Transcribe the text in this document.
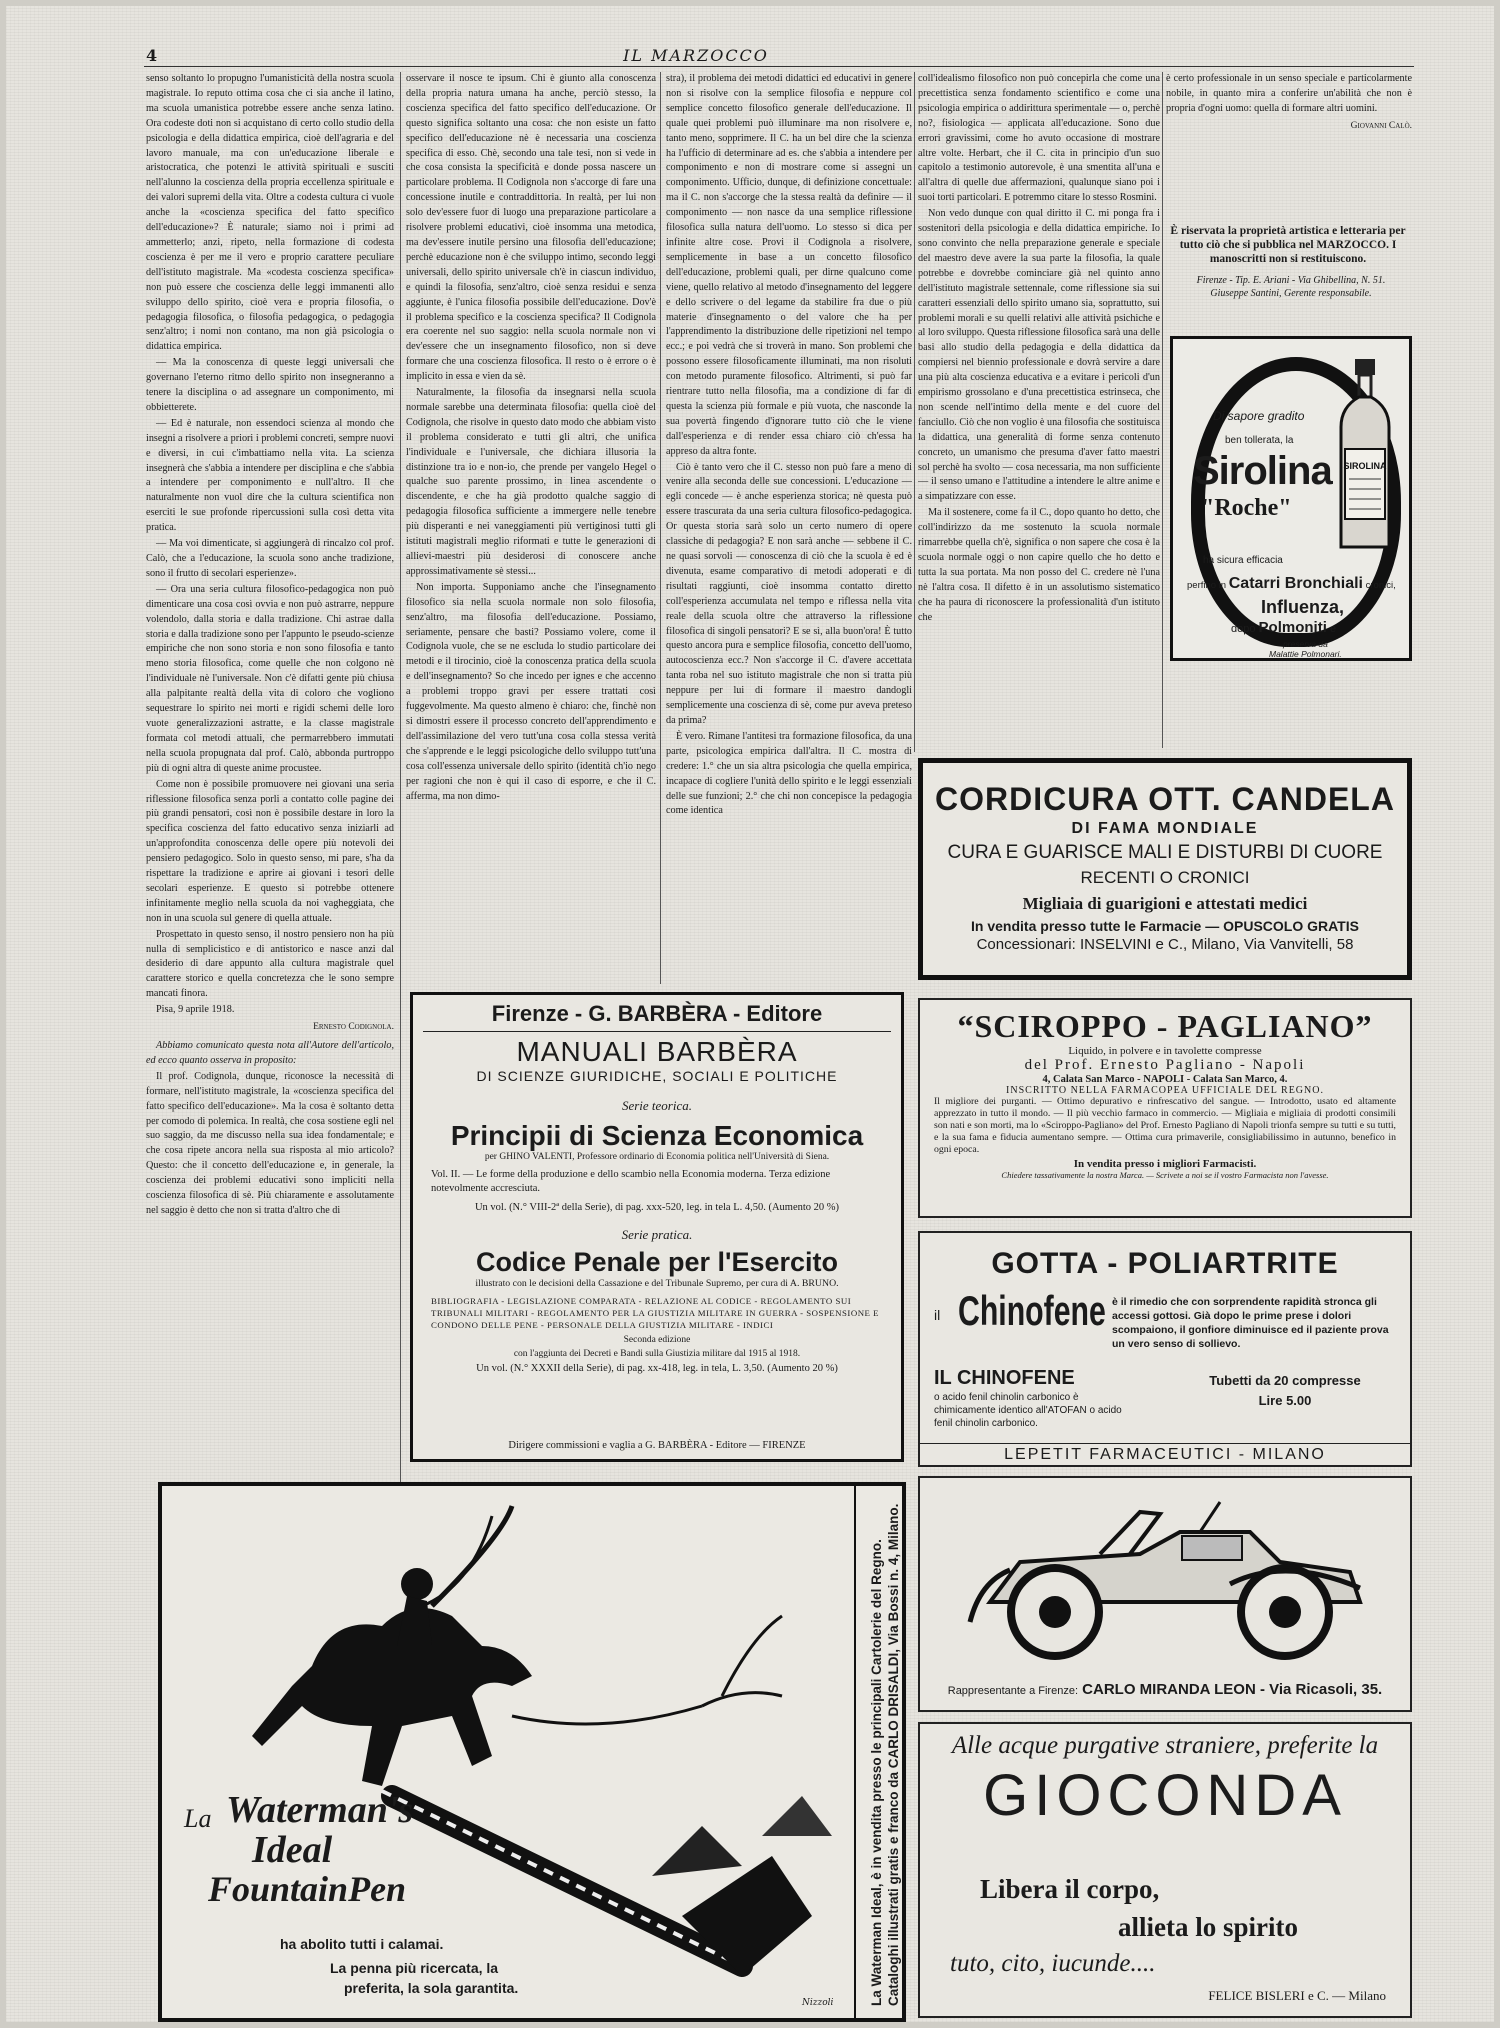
4	IL MARZOCCO

senso soltanto lo propugno l'umanisticità della nostra scuola magistrale. Io reputo ottima cosa che ci sia anche il latino, ma scuola umanistica potrebbe essere anche senza latino. Ora codeste doti non si acquistano di certo collo studio della psicologia e della didattica empirica, cioè dell'agraria e del lavoro manuale, ma con un'educazione liberale e aristocratica, che potenzi le attività spirituali e susciti nell'alunno la coscienza della propria eccellenza spirituale e dei valori supremi della vita. Oltre a codesta cultura ci vuole anche la «coscienza specifica del fatto specifico dell'educazione»? È naturale; siamo noi i primi ad ammetterlo; anzi, ripeto, nella formazione di codesta coscienza è per me il vero e proprio carattere peculiare dell'istituto magistrale. Ma «codesta coscienza specifica» non può essere che coscienza delle leggi immanenti allo sviluppo dello spirito, cioè vera e propria filosofia, o pedagogia filosofica, o filosofia pedagogica, o pedagogia senz'altro; i nomi non contano, ma non già psicologia o didattica empirica.

— Ma la conoscenza di queste leggi universali che governano l'eterno ritmo dello spirito non insegneranno a tenere la disciplina o ad assegnare un componimento, mi obbietterete.

— Ed è naturale, non essendoci scienza al mondo che insegni a risolvere a priori i problemi concreti, sempre nuovi e diversi, in cui c'imbattiamo nella vita. La scienza insegnerà che s'abbia a intendere per disciplina e che s'abbia a intendere per componimento e null'altro. Il che naturalmente non vuol dire che la cultura scientifica non eserciti le sue profonde ripercussioni sulla così detta vita pratica.

— Ma voi dimenticate, si aggiungerà di rincalzo col prof. Calò, che a l'educazione, la scuola sono anche tradizione, sono il frutto di secolari esperienze».

— Ora una seria cultura filosofico-pedagogica non può dimenticare una cosa così ovvia e non può astrarre, neppure volendolo, dalla storia e dalla tradizione. Chi astrae dalla storia e dalla tradizione sono per l'appunto le pseudo-scienze empiriche che non sono storia e non sono filosofia e tanto meno storia filosofica, come quelle che non colgono nè l'individuale nè l'universale. Non c'è difatti gente più chiusa alla palpitante realtà della vita di coloro che vogliono sequestrare lo spirito nei morti e rigidi schemi delle loro vuote generalizzazioni astratte, e la classe magistrale formata col metodi attuali, che permarrebbero immutati nella scuola propugnata dal prof. Calò, abbonda purtroppo più di ogni altra di queste anime procustee.

Come non è possibile promuovere nei giovani una seria riflessione filosofica senza porli a contatto colle pagine dei più grandi pensatori, così non è possibile destare in loro la specifica coscienza del fatto educativo senza iniziarli ad un'approfondita conoscenza delle opere più notevoli dei pensiero pedagogico. Solo in questo senso, mi pare, s'ha da rispettare la tradizione e aprire ai giovani i tesori delle secolari esperienze. E questo si potrebbe ottenere infinitamente meglio nella scuola da noi vagheggiata, che non in una scuola sul genere di quella attuale.

Prospettato in questo senso, il nostro pensiero non ha più nulla di semplicistico e di antistorico e nasce anzi dal desiderio di dare appunto alla cultura magistrale quel carattere storico e quella concretezza che le sono sempre mancati finora.

Pisa, 9 aprile 1918.

Ernesto Codignola.

Abbiamo comunicato questa nota all'Autore dell'articolo, ed ecco quanto osserva in proposito:

Il prof. Codignola, dunque, riconosce la necessità di formare, nell'istituto magistrale, la «coscienza specifica del fatto specifico dell'educazione». Ma la cosa è soltanto detta per comodo di polemica. In realtà, che cosa sostiene egli nel suo saggio, da me discusso nella sua idea fondamentale; e che cosa ripete ancora nella sua risposta al mio articolo? Questo: che il concetto dell'educazione e, in generale, la coscienza dei problemi educativi sono impliciti nella coscienza filosofica di sè. Più chiaramente e assolutamente nel saggio è detto che non si tratta d'altro che di

osservare il nosce te ipsum. Chi è giunto alla conoscenza della propria natura umana ha anche, perciò stesso, la coscienza specifica del fatto specifico dell'educazione. Or questo significa soltanto una cosa: che non esiste un fatto specifico dell'educazione nè è necessaria una coscienza specifica di esso. Chè, secondo una tale tesi, non si vede in che cosa consista la specificità e donde possa nascere un particolare problema. Il Codignola non s'accorge di fare una concessione inutile e contraddittoria. In realtà, per lui non solo dev'essere fuor di luogo una preparazione particolare a risolvere problemi educativi, cioè insomma una metodica, ma dev'essere inutile persino una filosofia dell'educazione; perchè educazione non è che sviluppo intimo, secondo leggi universali, dello spirito universale ch'è in ciascun individuo, e quindi la filosofia, senz'altro, cioè senza residui e senza aggiunte, è l'unica filosofia possibile dell'educazione. Dov'è il problema specifico e la coscienza specifica? Il Codignola era coerente nel suo saggio: nella scuola normale non vi dev'essere che un insegnamento filosofico, non si deve formare che una coscienza filosofica. Il resto o è errore o è implicito in essa e vien da sè.

Naturalmente, la filosofia da insegnarsi nella scuola normale sarebbe una determinata filosofia: quella cioè del Codignola, che risolve in questo dato modo che abbiam visto il problema considerato e tutti gli altri, che unifica l'individuale e l'universale, che dichiara illusoria la distinzione tra io e non-io, che prende per vangelo Hegel o qualche suo parente prossimo, in linea ascendente o discendente, e che ha già prodotto qualche saggio di pedagogia filosofica sufficiente a immergere nelle tenebre più disperanti e nei vaneggiamenti più vertiginosi tutti gli istituti magistrali meglio riformati e tutte le generazioni di allievi-maestri più desiderosi di conoscere anche approssimativamente sè stessi...

Non importa. Supponiamo anche che l'insegnamento filosofico sia nella scuola normale non solo filosofia, senz'altro, ma filosofia dell'educazione. Possiamo, seriamente, pensare che basti? Possiamo volere, come il Codignola vuole, che se ne escluda lo studio particolare dei metodi e il tirocinio, cioè la conoscenza pratica della scuola e dell'insegnamento? So che incedo per ignes e che accenno a problemi troppo gravi per essere trattati così fuggevolmente. Ma questo almeno è chiaro: che, finchè non si dimostri essere il processo concreto dell'apprendimento e dell'assimilazione del vero tutt'una cosa colla stessa verità che s'apprende e le leggi psicologiche dello sviluppo tutt'una cosa coll'essenza universale dello spirito (identità ch'io nego per ragioni che non è qui il caso di esporre, e che il C. afferma, ma non dimo-

stra), il problema dei metodi didattici ed educativi in genere non si risolve con la semplice filosofia e neppure col semplice concetto filosofico generale dell'educazione. Il quale quei problemi può illuminare ma non risolvere e, tanto meno, sopprimere. Il C. ha un bel dire che la scienza ha l'ufficio di determinare ad es. che s'abbia a intendere per componimento e non di mostrare come si assegni un componimento. Ufficio, dunque, di definizione concettuale: ma il C. non s'accorge che la stessa realtà da definire — il componimento — non nasce da una semplice riflessione filosofica sulla natura dell'uomo. Lo stesso si dica per infinite altre cose. Provi il Codignola a risolvere, semplicemente in base a un concetto filosofico dell'educazione, problemi quali, per dirne qualcuno come viene, quello relativo al metodo d'insegnamento del leggere e dello scrivere o del legame da stabilire fra due o più materie d'insegnamento o del valore che ha per l'apprendimento la distribuzione delle ripetizioni nel tempo ecc.; e poi vedrà che si troverà in mano. Son problemi che possono essere filosoficamente illuminati, ma non risoluti con metodo puramente filosofico. Altrimenti, si può far rientrare tutto nella filosofia, ma a condizione di far di questa la scienza più formale e più vuota, che nasconde la sua povertà fingendo d'ignorare tutto ciò che le viene dall'esperienza e di render essa chiaro ciò ch'essa ha appreso da altra fonte.

Ciò è tanto vero che il C. stesso non può fare a meno di venire alla seconda delle sue concessioni. L'educazione — egli concede — è anche esperienza storica; nè questa può essere trascurata da una seria cultura filosofico-pedagogica. Or questa storia sarà solo un certo numero di opere classiche di pedagogia? E non sarà anche — sebbene il C. ne quasi sorvoli — conoscenza di ciò che la scuola è ed è divenuta, esame comparativo di metodi adoperati e di risultati raggiunti, cioè insomma contatto diretto coll'esperienza accumulata nel tempo e riflessa nella vita reale della scuola oltre che attraverso la riflessione filosofica di singoli pensatori? E se sì, alla buon'ora! È tutto questo ancora pura e semplice filosofia, concetto dell'uomo, autocoscienza ecc.? Non s'accorge il C. d'avere accettata tanta roba nel suo istituto magistrale che non si tratta più neppure per lui di formare il maestro dandogli semplicemente una coscienza di sè, come pur aveva preteso da prima?

È vero. Rimane l'antitesi tra formazione filosofica, da una parte, psicologica empirica dall'altra. Il C. mostra di credere: 1.° che un sia altra psicologia che quella empirica, incapace di cogliere l'unità dello spirito e le leggi essenziali delle sue funzioni; 2.° che chi non concepisce la pedagogia come identica

coll'idealismo filosofico non può concepirla che come una precettistica senza fondamento scientifico e come una psicologia empirica o addirittura sperimentale — o, perchè no?, fisiologica — applicata all'educazione. Sono due errori gravissimi, come ho avuto occasione di mostrare altre volte. Herbart, che il C. cita in principio d'un suo capitolo a testimonio autorevole, è una smentita all'una e all'altra di quelle due affermazioni, qualunque siano poi i suoi torti particolari. E potremmo citare lo stesso Rosmini.

Non vedo dunque con qual diritto il C. mi ponga fra i sostenitori della psicologia e della didattica empiriche. Io sono convinto che nella preparazione generale e speciale del maestro deve avere la sua parte la filosofia, la quale potrebbe e dovrebbe cominciare già nel quinto anno dell'istituto magistrale settennale, come riflessione sia sui caratteri essenziali dello spirito umano sia, soprattutto, sui problemi morali e su quelli relativi alle attività psichiche e al loro sviluppo. Questa riflessione filosofica sarà una delle basi allo studio della pedagogia e della didattica da compiersi nel biennio professionale e dovrà servire a dare una più alta coscienza educativa e a evitare i pericoli d'un empirismo grossolano e d'una precettistica estrinseca, che non scende nell'intimo della mente e del cuore del fanciullo. Ciò che non voglio è una filosofia che sostituisca la didattica, una generalità di forme senza contenuto concreto, un umanismo che presuma d'aver fatto maestri sol perchè ha svolto — cosa necessaria, ma non sufficiente — il senso umano e l'attitudine a intendere le altre anime e a simpatizzare con esse.

Ma il sostenere, come fa il C., dopo quanto ho detto, che coll'indirizzo da me sostenuto la scuola normale rimarrebbe quella ch'è, significa o non sapere che cosa è la scuola normale oggi o non capire quello che ho detto e tutta la sua portata. Ma non posso del C. credere nè l'una nè l'altra cosa. Il difetto è in un assolutismo sistematico che ha paura di riconoscere la professionalità d'un istituto che

è certo professionale in un senso speciale e particolarmente nobile, in quanto mira a conferire un'abilità che non è propria d'ogni uomo: quella di formare altri uomini.

Giovanni Calò.
È riservata la proprietà artistica e letteraria per tutto ciò che si pubblica nel MARZOCCO. I manoscritti non si restituiscono.
Firenze - Tip. E. Ariani - Via Ghibellina, N. 51.
Giuseppe Santini, Gerente responsabile.
SIROLINA
Di sapore gradito
ben tollerata, la
Sirolina
"Roche"
ha sicura efficacia
perfino in Catarri Bronchiali cronici,
Influenza,
dopo Polmoniti e
preserva da
Malattie Polmonari.
CORDICURA OTT. CANDELA
DI FAMA MONDIALE
CURA E GUARISCE MALI E DISTURBI DI CUORE
RECENTI O CRONICI
Migliaia di guarigioni e attestati medici
In vendita presso tutte le Farmacie — OPUSCOLO GRATIS
Concessionari: INSELVINI e C., Milano, Via Vanvitelli, 58
“SCIROPPO - PAGLIANO”
Liquido, in polvere e in tavolette compresse
del Prof. Ernesto Pagliano - Napoli
4, Calata San Marco - NAPOLI - Calata San Marco, 4.
INSCRITTO NELLA FARMACOPEA UFFICIALE DEL REGNO.
Il migliore dei purganti. — Ottimo depurativo e rinfrescativo del sangue. — Introdotto, usato ed altamente apprezzato in tutto il mondo. — Il più vecchio farmaco in commercio. — Migliaia e migliaia di prodotti consimili son nati e son morti, ma lo «Sciroppo-Pagliano» del Prof. Ernesto Pagliano di Napoli trionfa sempre su tutti e su tutti, e la sua fama e fiducia aumentano sempre. — Ottima cura primaverile, consigliabilissimo in autunno, benefico in ogni epoca.
In vendita presso i migliori Farmacisti.
Chiedere tassativamente la nostra Marca. — Scrivete a noi se il vostro Farmacista non l'avesse.
GOTTA - POLIARTRITE
il Chinofene è il rimedio che con sorprendente rapidità stronca gli accessi gottosi. Già dopo le prime prese i dolori scompaiono, il gonfiore diminuisce ed il paziente prova un vero senso di sollievo.
IL CHINOFENE
o acido fenil chinolin carbonico è chimicamente identico all'ATOFAN o acido fenil chinolin carbonico.
Tubetti da 20 compresse
Lire 5.00
LEPETIT FARMACEUTICI - MILANO
Rappresentante a Firenze: CARLO MIRANDA LEON - Via Ricasoli, 35.
Alle acque purgative straniere, preferite la
GIOCONDA
Libera il corpo,
allieta lo spirito
tuto, cito, iucunde....
FELICE BISLERI e C. — Milano
Firenze - G. BARBÈRA - Editore
MANUALI BARBÈRA
DI SCIENZE GIURIDICHE, SOCIALI E POLITICHE
Serie teorica.
Principii di Scienza Economica
per GHINO VALENTI, Professore ordinario di Economia politica nell'Università di Siena.
Vol. II. — Le forme della produzione e dello scambio nella Economia moderna. Terza edizione notevolmente accresciuta.
Un vol. (N.° VIII-2ª della Serie), di pag. xxx-520, leg. in tela L. 4,50. (Aumento 20 %)
Serie pratica.
Codice Penale per l'Esercito
illustrato con le decisioni della Cassazione e del Tribunale Supremo, per cura di A. BRUNO.
BIBLIOGRAFIA - LEGISLAZIONE COMPARATA - RELAZIONE AL CODICE - REGOLAMENTO SUI TRIBUNALI MILITARI - REGOLAMENTO PER LA GIUSTIZIA MILITARE IN GUERRA - SOSPENSIONE E CONDONO DELLE PENE - PERSONALE DELLA GIUSTIZIA MILITARE - INDICI
Seconda edizione
con l'aggiunta dei Decreti e Bandi sulla Giustizia militare dal 1915 al 1918.
Un vol. (N.° XXXII della Serie), di pag. xx-418, leg. in tela, L. 3,50. (Aumento 20 %)
Dirigere commissioni e vaglia a G. BARBÈRA - Editore — FIRENZE
La Waterman's
Ideal
FountainPen
ha abolito tutti i calamai.
La penna più ricercata, la
preferita, la sola garantita.
Nizzoli	La Waterman Ideal, è in vendita presso le principali Cartolerie del Regno. Cataloghi illustrati gratis e franco da CARLO DRISALDI, Via Bossi n. 4, Milano.
